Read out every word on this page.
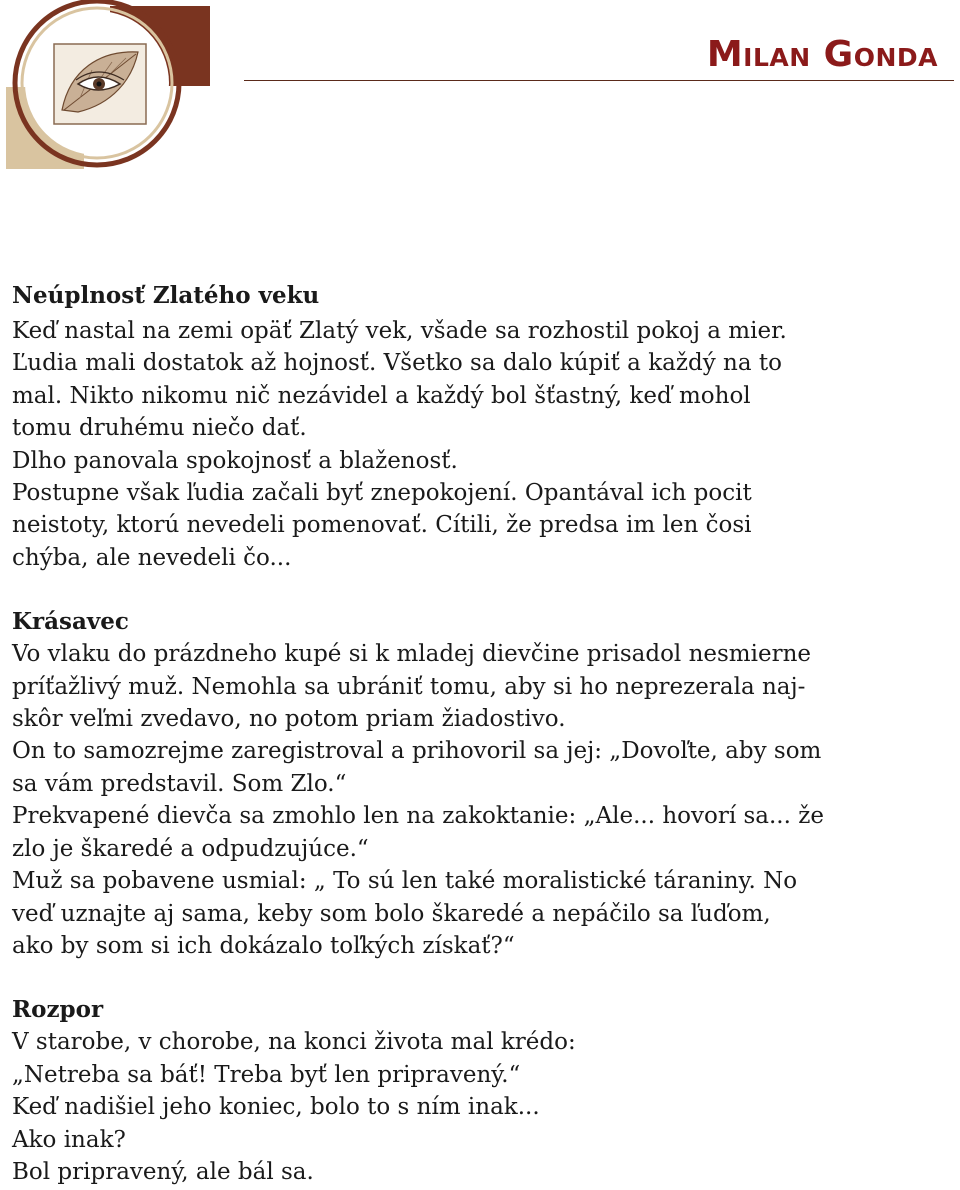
Milan Gonda
Neúplnosť Zlatého veku

Keď nastal na zemi opäť Zlatý vek, všade sa rozhostil pokoj a mier.

Ľudia mali dostatok až hojnosť. Všetko sa dalo kúpiť a každý na to

mal. Nikto nikomu nič nezávidel a každý bol šťastný, keď mohol

tomu druhému niečo dať.

Dlho panovala spokojnosť a blaženosť.

Postupne však ľudia začali byť znepokojení. Opantával ich pocit

neistoty, ktorú nevedeli pomenovať. Cítili, že predsa im len čosi

chýba, ale nevedeli čo...

Krásavec

Vo vlaku do prázdneho kupé si k mladej dievčine prisadol nesmierne

príťažlivý muž. Nemohla sa ubrániť tomu, aby si ho neprezerala naj-

skôr veľmi zvedavo, no potom priam žiadostivo.

On to samozrejme zaregistroval a prihovoril sa jej: „Dovoľte, aby som

sa vám predstavil. Som Zlo.“

Prekvapené dievča sa zmohlo len na zakoktanie: „Ale... hovorí sa... že

zlo je škaredé a odpudzujúce.“

Muž sa pobavene usmial: „ To sú len také moralistické táraniny. No

veď uznajte aj sama, keby som bolo škaredé a nepáčilo sa ľuďom,

ako by som si ich dokázalo toľkých získať?“

Rozpor

V starobe, v chorobe, na konci života mal krédo:

„Netreba sa báť! Treba byť len pripravený.“

Keď nadišiel jeho koniec, bolo to s ním inak...

Ako inak?

Bol pripravený, ale bál sa.
